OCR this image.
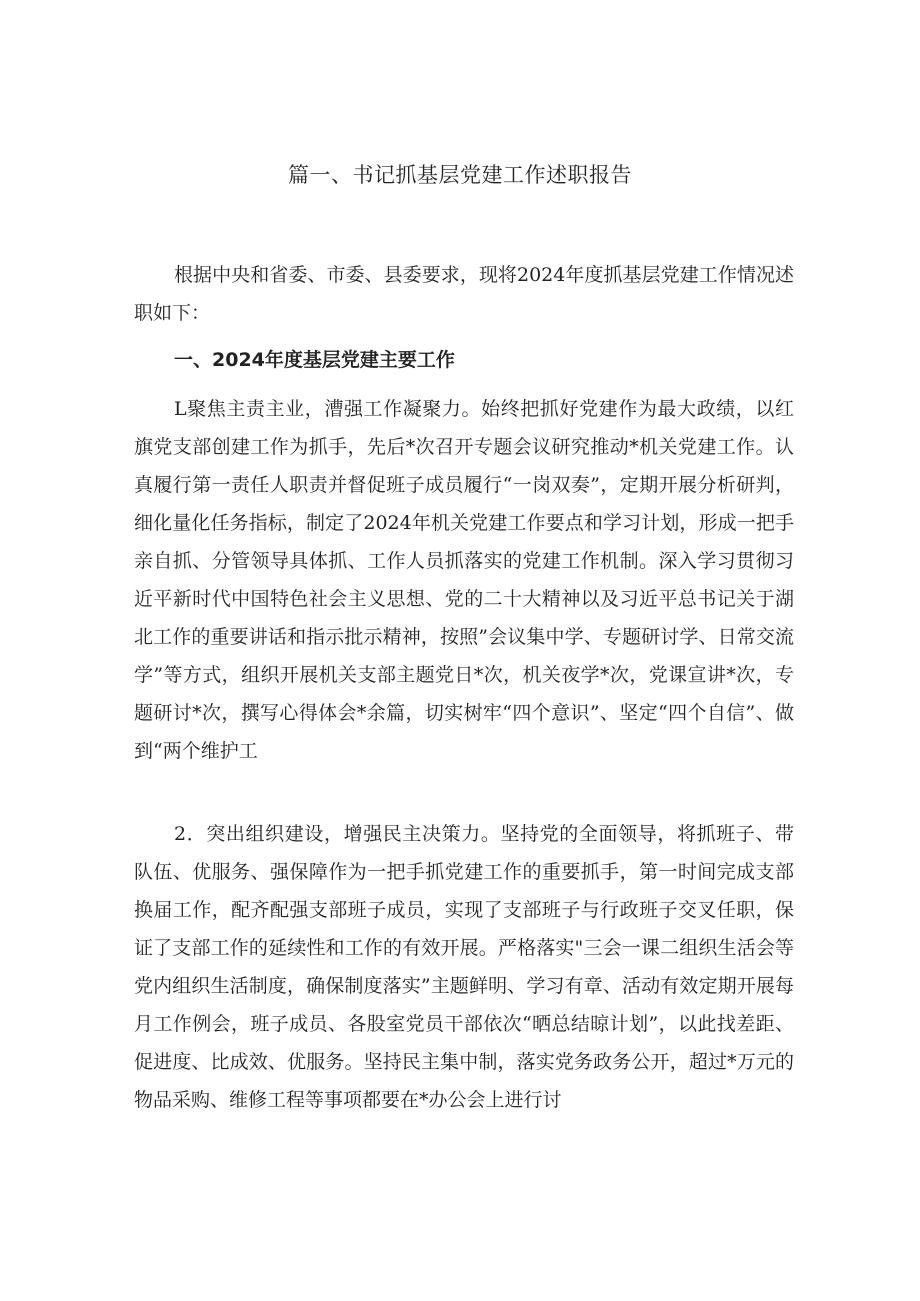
篇一、书记抓基层党建工作述职报告

根据中央和省委、市委、县委要求，现将2024年度抓基层党建工作情况述职如下：

一、2024年度基层党建主要工作

L聚焦主责主业，漕强工作凝聚力。始终把抓好党建作为最大政绩，以红旗党支部创建工作为抓手，先后*次召开专题会议研究推动*机关党建工作。认真履行第一责任人职责并督促班子成员履行“一岗双奏”，定期开展分析研判，细化量化任务指标，制定了2024年机关党建工作要点和学习计划，形成一把手亲自抓、分管领导具体抓、工作人员抓落实的党建工作机制。深入学习贯彻习近平新时代中国特色社会主义思想、党的二十大精神以及习近平总书记关于湖北工作的重要讲话和指示批示精神，按照”会议集中学、专题研讨学、日常交流学”等方式，组织开展机关支部主题党日*次，机关夜学*次，党课宣讲*次，专题研讨*次，撰写心得体会*余篇，切实树牢“四个意识”、坚定“四个自信”、做到“两个维护工

2．突出组织建设，增强民主决策力。坚持党的全面领导，将抓班子、带队伍、优服务、强保障作为一把手抓党建工作的重要抓手，第一时间完成支部换届工作，配齐配强支部班子成员，实现了支部班子与行政班子交叉任职，保证了支部工作的延续性和工作的有效开展。严格落实"三会一课二组织生活会等党内组织生活制度，确保制度落实”主题鲜明、学习有章、活动有效定期开展每月工作例会，班子成员、各股室党员干部依次“晒总结晾计划”，以此找差距、促进度、比成效、优服务。坚持民主集中制，落实党务政务公开，超过*万元的物品采购、维修工程等事项都要在*办公会上进行讨
